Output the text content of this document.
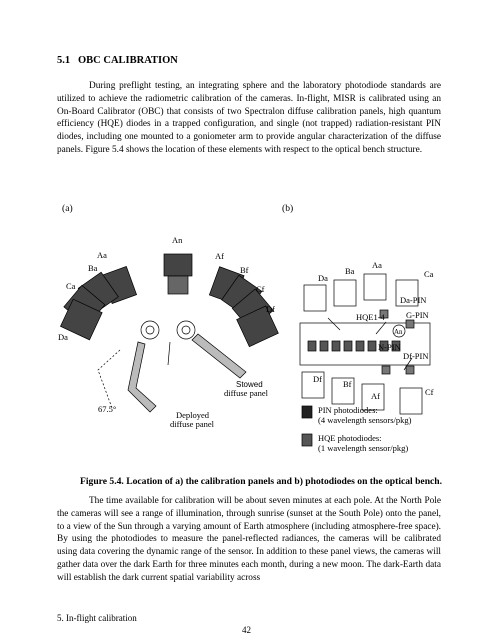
5.1 OBC CALIBRATION
During preflight testing, an integrating sphere and the laboratory photodiode standards are utilized to achieve the radiometric calibration of the cameras. In-flight, MISR is calibrated using an On-Board Calibrator (OBC) that consists of two Spectralon diffuse calibration panels, high quantum efficiency (HQE) diodes in a trapped configuration, and single (not trapped) radiation-resistant PIN diodes, including one mounted to a goniometer arm to provide angular characterization of the diffuse panels. Figure 5.4 shows the location of these elements with respect to the optical bench structure.
(a)	(b)
An
Aa
Ba
Ca
Da
Af
Bf
Cf
Df
Stowed
diffuse panel
Deployed
diffuse panel
67.5°
Da
Ba
Aa
Ca
An
Df Bf
Af	Cf
HQE1-4
Da-PIN
G-PIN
N-PIN
Df-PIN
PIN photodiodes:
(4 wavelength sensors/pkg)
HQE photodiodes:
(1 wavelength sensor/pkg)
Figure 5.4. Location of a) the calibration panels and b) photodiodes on the optical bench.
The time available for calibration will be about seven minutes at each pole. At the North Pole the cameras will see a range of illumination, through sunrise (sunset at the South Pole) onto the panel, to a view of the Sun through a varying amount of Earth atmosphere (including atmosphere-free space). By using the photodiodes to measure the panel-reflected radiances, the cameras will be calibrated using data covering the dynamic range of the sensor. In addition to these panel views, the cameras will gather data over the dark Earth for three minutes each month, during a new moon. The dark-Earth data will establish the dark current spatial variability across
5. In-flight calibration
42
